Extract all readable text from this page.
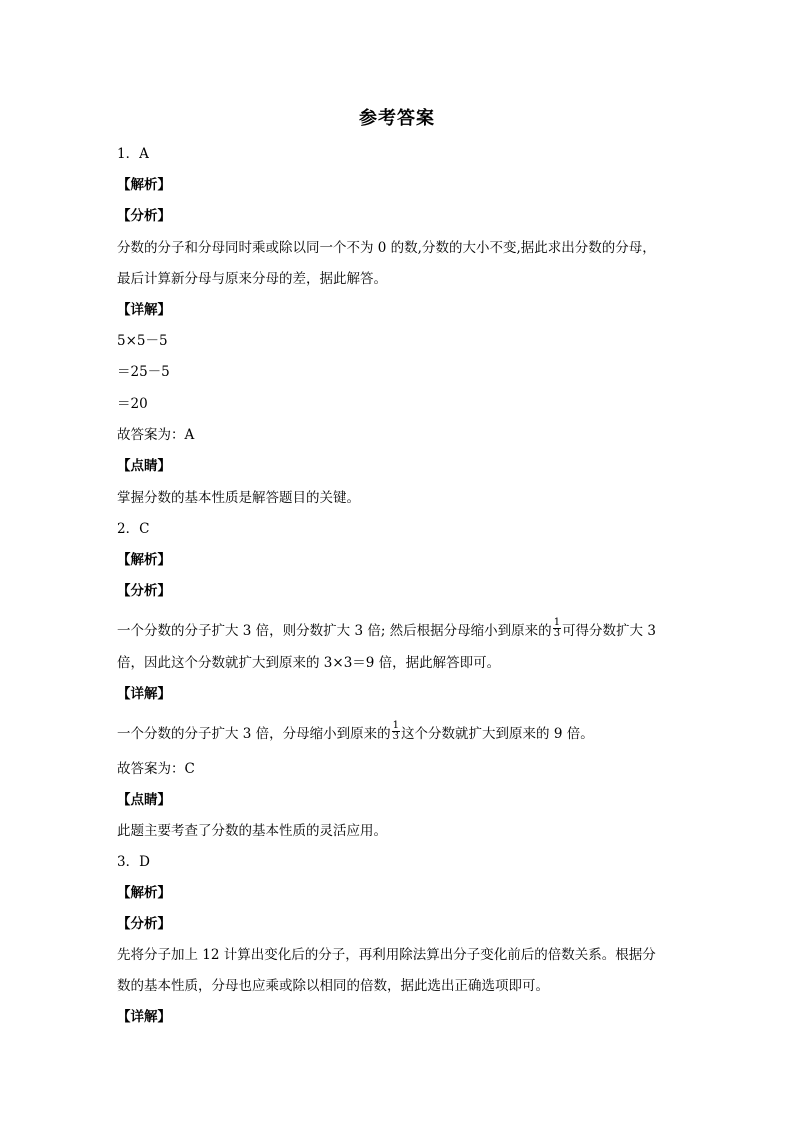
参考答案
1．A
【解析】
【分析】
分数的分子和分母同时乘或除以同一个不为 0 的数,分数的大小不变,据此求出分数的分母，
最后计算新分母与原来分母的差，据此解答。
【详解】
5×5－5
＝25－5
＝20
故答案为：A
【点睛】
掌握分数的基本性质是解答题目的关键。
2．C
【解析】
【分析】
一个分数的分子扩大 3 倍，则分数扩大 3 倍; 然后根据分母缩小到原来的 $\frac{1}{3}$ 可得分数扩大 3
倍，因此这个分数就扩大到原来的 3×3＝9 倍，据此解答即可。
【详解】
一个分数的分子扩大 3 倍，分母缩小到原来的 $\frac{1}{3}$ 这个分数就扩大到原来的 9 倍。
故答案为：C
【点睛】
此题主要考查了分数的基本性质的灵活应用。
3．D
【解析】
【分析】
先将分子加上 12 计算出变化后的分子，再利用除法算出分子变化前后的倍数关系。根据分
数的基本性质，分母也应乘或除以相同的倍数，据此选出正确选项即可。
【详解】
